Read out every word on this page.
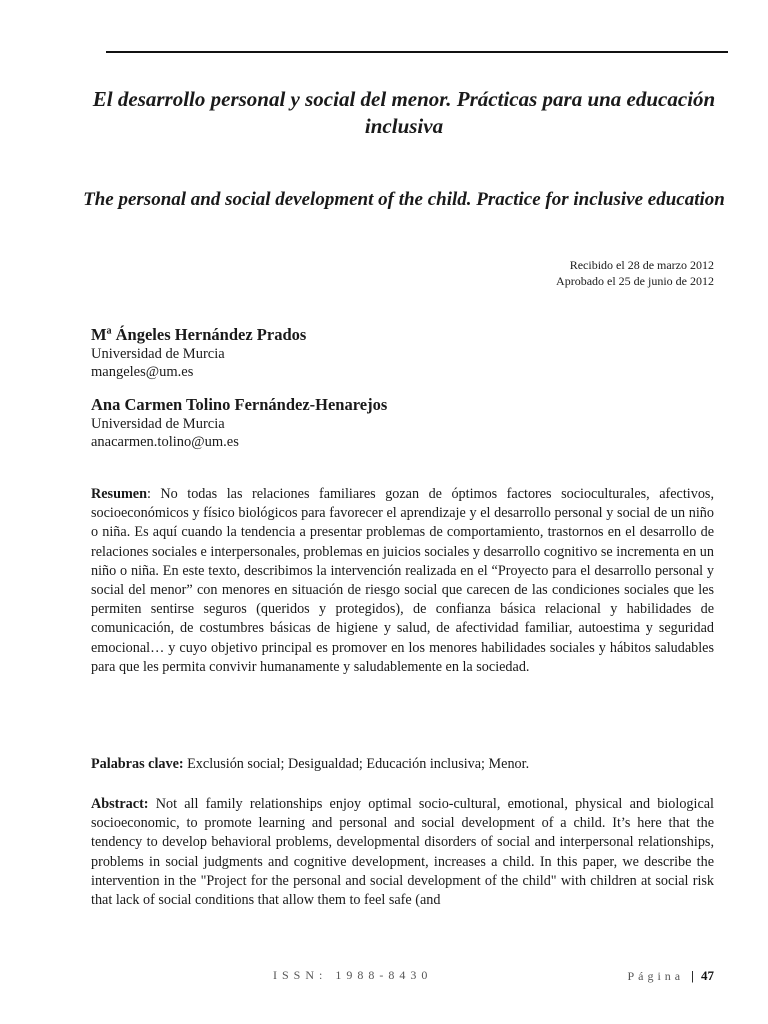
El desarrollo personal y social del menor. Prácticas para una educación inclusiva
The personal and social development of the child. Practice for inclusive education
Recibido el 28 de marzo 2012
Aprobado el 25 de junio de 2012
Mª Ángeles Hernández Prados
Universidad de Murcia
mangeles@um.es
Ana Carmen Tolino Fernández-Henarejos
Universidad de Murcia
anacarmen.tolino@um.es

Resumen: No todas las relaciones familiares gozan de óptimos factores socioculturales, afectivos, socioeconómicos y físico biológicos para favorecer el aprendizaje y el desarrollo personal y social de un niño o niña. Es aquí cuando la tendencia a presentar problemas de comportamiento, trastornos en el desarrollo de relaciones sociales e interpersonales, problemas en juicios sociales y desarrollo cognitivo se incrementa en un niño o niña. En este texto, describimos la intervención realizada en el “Proyecto para el desarrollo personal y social del menor” con menores en situación de riesgo social que carecen de las condiciones sociales que les permiten sentirse seguros (queridos y protegidos), de confianza básica relacional y habilidades de comunicación, de costumbres básicas de higiene y salud, de afectividad familiar, autoestima y seguridad emocional… y cuyo objetivo principal es promover en los menores habilidades sociales y hábitos saludables para que les permita convivir humanamente y saludablemente en la sociedad.

Palabras clave: Exclusión social; Desigualdad; Educación inclusiva; Menor.

Abstract: Not all family relationships enjoy optimal socio-cultural, emotional, physical and biological socioeconomic, to promote learning and personal and social development of a child. It’s here that the tendency to develop behavioral problems, developmental disorders of social and interpersonal relationships, problems in social judgments and cognitive development, increases a child. In this paper, we describe the intervention in the "Project for the personal and social development of the child" with children at social risk that lack of social conditions that allow them to feel safe (and

ISSN: 1988-8430	Página | 47
